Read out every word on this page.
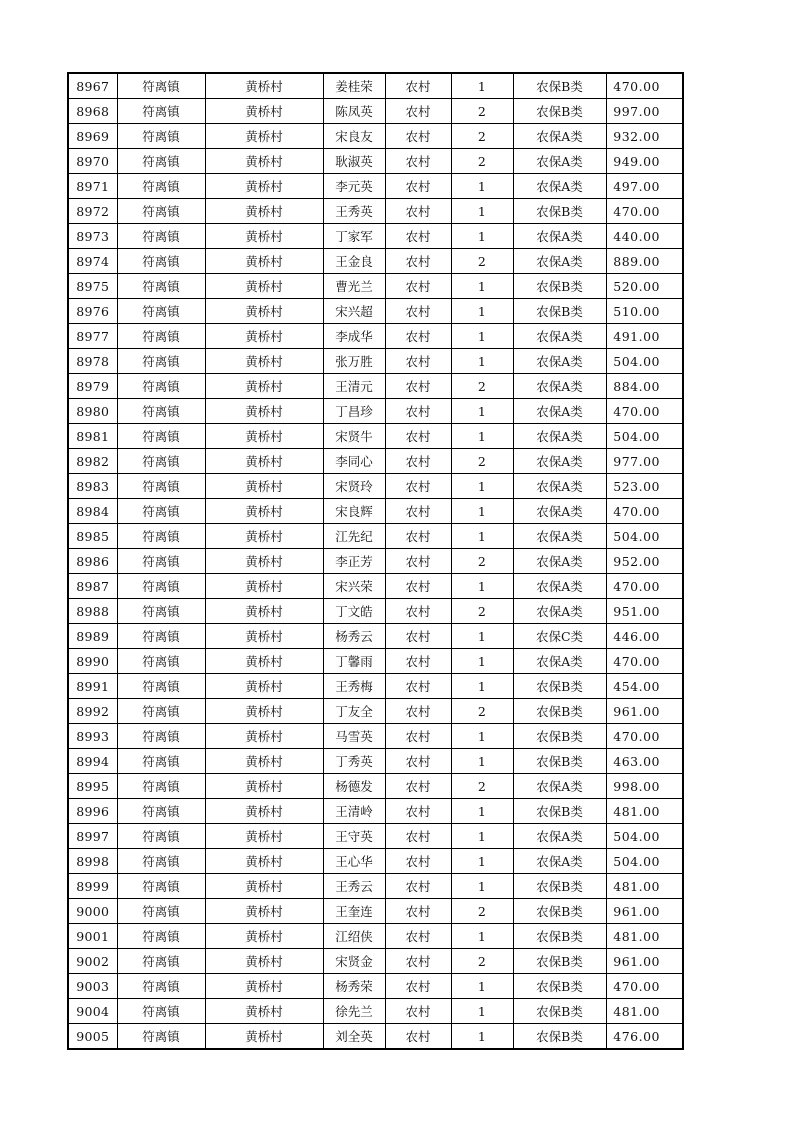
8967	符离镇	黄桥村	姜桂荣	农村	1	农保B类	470.00
8968	符离镇	黄桥村	陈凤英	农村	2	农保B类	997.00
8969	符离镇	黄桥村	宋良友	农村	2	农保A类	932.00
8970	符离镇	黄桥村	耿淑英	农村	2	农保A类	949.00
8971	符离镇	黄桥村	李元英	农村	1	农保A类	497.00
8972	符离镇	黄桥村	王秀英	农村	1	农保B类	470.00
8973	符离镇	黄桥村	丁家军	农村	1	农保A类	440.00
8974	符离镇	黄桥村	王金良	农村	2	农保A类	889.00
8975	符离镇	黄桥村	曹光兰	农村	1	农保B类	520.00
8976	符离镇	黄桥村	宋兴超	农村	1	农保B类	510.00
8977	符离镇	黄桥村	李成华	农村	1	农保A类	491.00
8978	符离镇	黄桥村	张万胜	农村	1	农保A类	504.00
8979	符离镇	黄桥村	王清元	农村	2	农保A类	884.00
8980	符离镇	黄桥村	丁昌珍	农村	1	农保A类	470.00
8981	符离镇	黄桥村	宋贤牛	农村	1	农保A类	504.00
8982	符离镇	黄桥村	李同心	农村	2	农保A类	977.00
8983	符离镇	黄桥村	宋贤玲	农村	1	农保A类	523.00
8984	符离镇	黄桥村	宋良辉	农村	1	农保A类	470.00
8985	符离镇	黄桥村	江先纪	农村	1	农保A类	504.00
8986	符离镇	黄桥村	李正芳	农村	2	农保A类	952.00
8987	符离镇	黄桥村	宋兴荣	农村	1	农保A类	470.00
8988	符离镇	黄桥村	丁文皓	农村	2	农保A类	951.00
8989	符离镇	黄桥村	杨秀云	农村	1	农保C类	446.00
8990	符离镇	黄桥村	丁馨雨	农村	1	农保A类	470.00
8991	符离镇	黄桥村	王秀梅	农村	1	农保B类	454.00
8992	符离镇	黄桥村	丁友全	农村	2	农保B类	961.00
8993	符离镇	黄桥村	马雪英	农村	1	农保B类	470.00
8994	符离镇	黄桥村	丁秀英	农村	1	农保B类	463.00
8995	符离镇	黄桥村	杨德发	农村	2	农保A类	998.00
8996	符离镇	黄桥村	王清岭	农村	1	农保B类	481.00
8997	符离镇	黄桥村	王守英	农村	1	农保A类	504.00
8998	符离镇	黄桥村	王心华	农村	1	农保A类	504.00
8999	符离镇	黄桥村	王秀云	农村	1	农保B类	481.00
9000	符离镇	黄桥村	王奎连	农村	2	农保B类	961.00
9001	符离镇	黄桥村	江绍侠	农村	1	农保B类	481.00
9002	符离镇	黄桥村	宋贤金	农村	2	农保B类	961.00
9003	符离镇	黄桥村	杨秀荣	农村	1	农保B类	470.00
9004	符离镇	黄桥村	徐先兰	农村	1	农保B类	481.00
9005	符离镇	黄桥村	刘全英	农村	1	农保B类	476.00
